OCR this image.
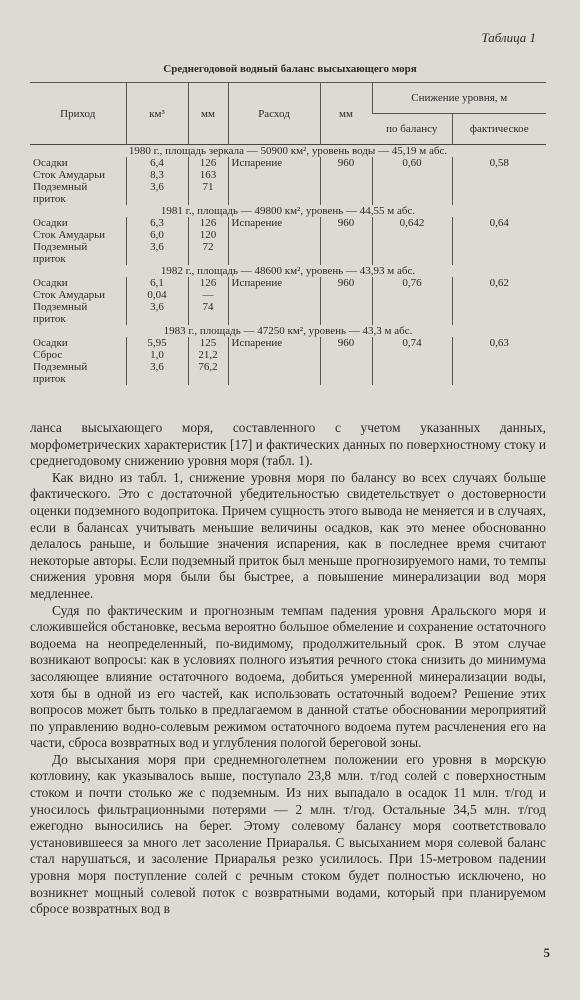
Таблица 1
Среднегодовой водный баланс высыхающего моря
Приход	км³	мм	Расход	мм	Снижение уровня, м	
					по балансу	фактическое
1980 г., площадь зеркала — 50900 км², уровень воды — 45,19 м абс.						
Осадки	6,4	126	Испарение	960	0,60	0,58
Сток Амударьи	8,3	163				
Подземный приток	3,6	71				
1981 г., площадь — 49800 км², уровень — 44,55 м абс.						
Осадки	6,3	126	Испарение	960	0,642	0,64
Сток Амударьи	6,0	120				
Подземный приток	3,6	72				
1982 г., площадь — 48600 км², уровень — 43,93 м абс.						
Осадки	6,1	126	Испарение	960	0,76	0,62
Сток Амударьи	0,04	—				
Подземный приток	3,6	74				
1983 г., площадь — 47250 км², уровень — 43,3 м абс.						
Осадки	5,95	125	Испарение	960	0,74	0,63
Сброс	1,0	21,2				
Подземный приток	3,6	76,2				

ланса высыхающего моря, составленного с учетом указанных данных, морфометрических характеристик [17] и фактических данных по поверхностному стоку и среднегодовому снижению уровня моря (табл. 1).

Как видно из табл. 1, снижение уровня моря по балансу во всех случаях больше фактического. Это с достаточной убедительностью свидетельствует о достоверности оценки подземного водопритока. Причем сущность этого вывода не меняется и в случаях, если в балансах учитывать меньшие величины осадков, как это менее обоснованно делалось раньше, и большие значения испарения, как в последнее время считают некоторые авторы. Если подземный приток был меньше прогнозируемого нами, то темпы снижения уровня моря были бы быстрее, а повышение минерализации вод моря медленнее.

Судя по фактическим и прогнозным темпам падения уровня Аральского моря и сложившейся обстановке, весьма вероятно большое обмеление и сохранение остаточного водоема на неопределенный, по-видимому, продолжительный срок. В этом случае возникают вопросы: как в условиях полного изъятия речного стока снизить до минимума засоляющее влияние остаточного водоема, добиться умеренной минерализации воды, хотя бы в одной из его частей, как использовать остаточный водоем? Решение этих вопросов может быть только в предлагаемом в данной статье обосновании мероприятий по управлению водно-солевым режимом остаточного водоема путем расчленения его на части, сброса возвратных вод и углубления пологой береговой зоны.

До высыхания моря при среднемноголетнем положении его уровня в морскую котловину, как указывалось выше, поступало 23,8 млн. т/год солей с поверхностным стоком и почти столько же с подземным. Из них выпадало в осадок 11 млн. т/год и уносилось фильтрационными потерями — 2 млн. т/год. Остальные 34,5 млн. т/год ежегодно выносились на берег. Этому солевому балансу моря соответствовало установившееся за много лет засоление Приаралья. С высыханием моря солевой баланс стал нарушаться, и засоление Приаралья резко усилилось. При 15-метровом падении уровня моря поступление солей с речным стоком будет полностью исключено, но возникнет мощный солевой поток с возвратными водами, который при планируемом сбросе возвратных вод в

5
